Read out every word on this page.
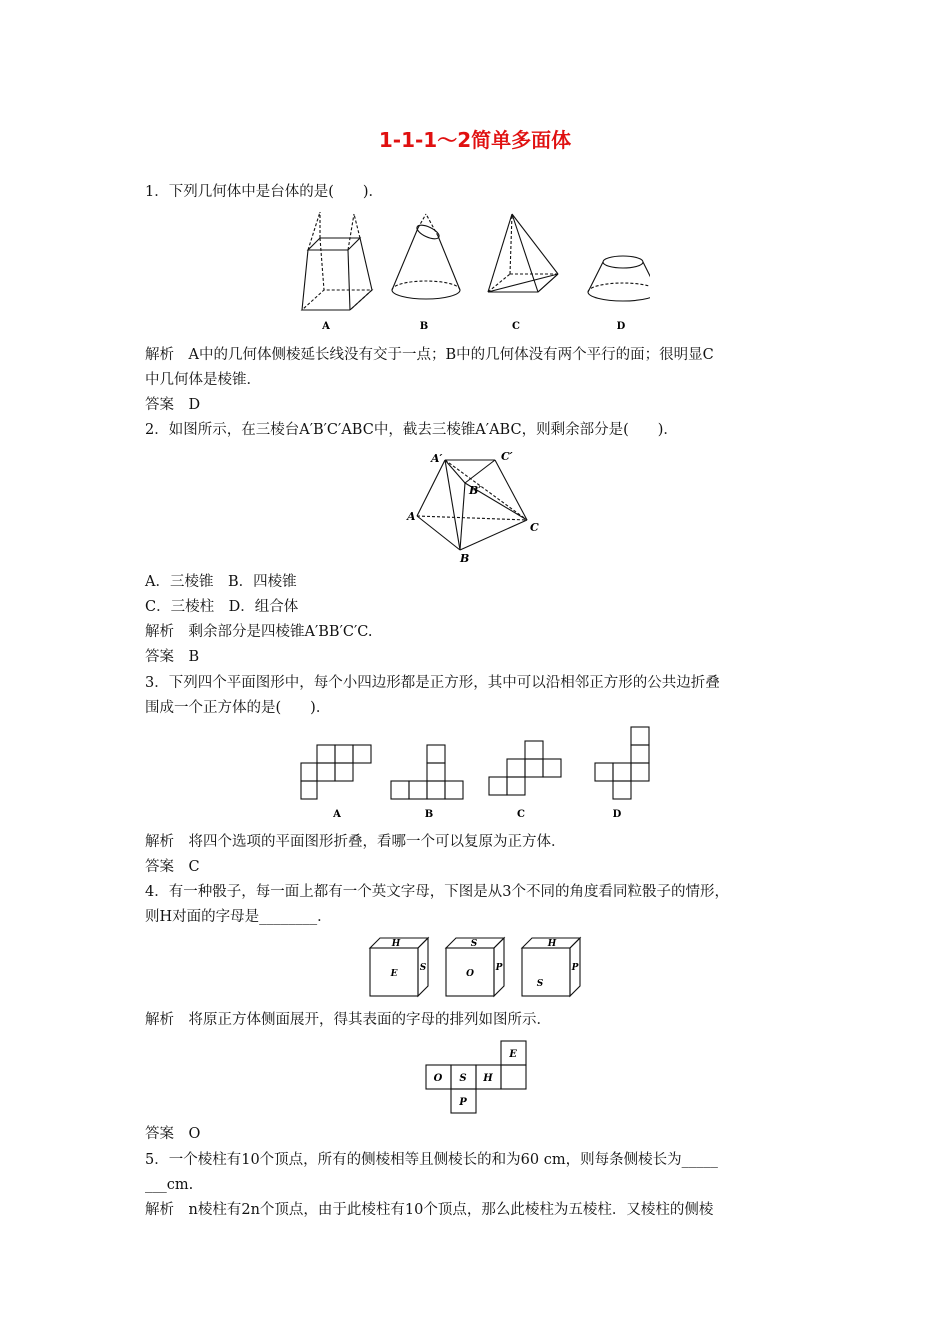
1-1-1～2简单多面体
1．下列几何体中是台体的是(　　)．
A	B	C	D
解析　A中的几何体侧棱延长线没有交于一点；B中的几何体没有两个平行的面；很明显C
中几何体是棱锥．
答案　D
2．如图所示，在三棱台A′B′C′ABC中，截去三棱锥A′ABC，则剩余部分是(　　)．
A′	C′
B′
A
B
C
A．三棱锥　B．四棱锥
C．三棱柱　D．组合体
解析　剩余部分是四棱锥A′BB′C′C.
答案　B
3．下列四个平面图形中，每个小四边形都是正方形，其中可以沿相邻正方形的公共边折叠
围成一个正方体的是(　　)．
A	B	C	D
解析　将四个选项的平面图形折叠，看哪一个可以复原为正方体．
答案　C
4．有一种骰子，每一面上都有一个英文字母，下图是从3个不同的角度看同粒骰子的情形，
则H对面的字母是________．
H
E
S
S
O
P
H
S
P
解析　将原正方体侧面展开，得其表面的字母的排列如图所示．
O S H
E
P
答案　O
5．一个棱柱有10个顶点，所有的侧棱相等且侧棱长的和为60 cm，则每条侧棱长为_____
___cm.
解析　n棱柱有2n个顶点，由于此棱柱有10个顶点，那么此棱柱为五棱柱．又棱柱的侧棱
